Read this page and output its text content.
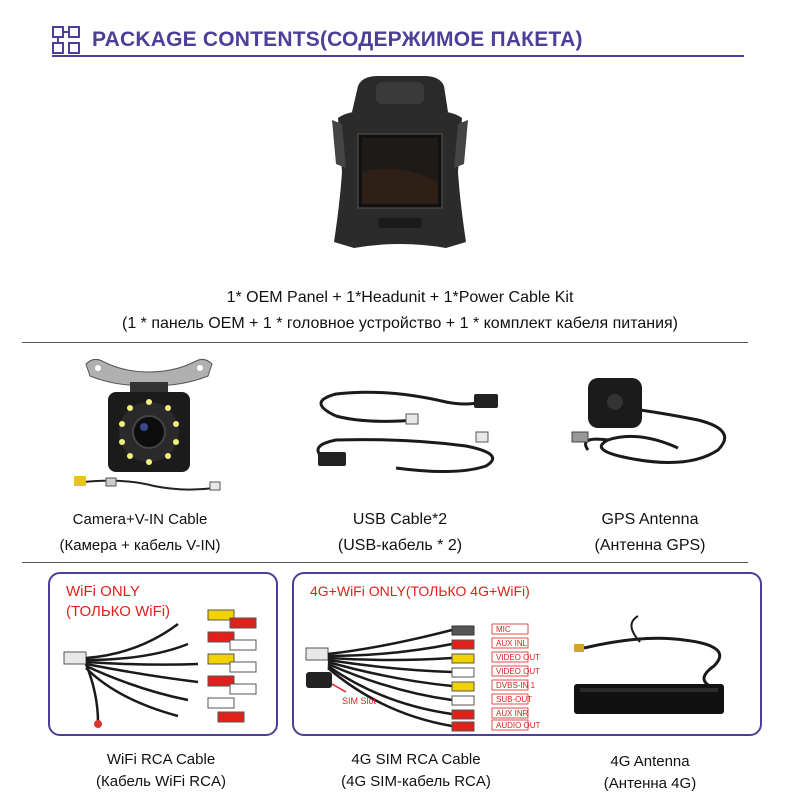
PACKAGE CONTENTS(СОДЕРЖИМОЕ ПАКЕТА)
1* OEM Panel + 1*Headunit + 1*Power Cable Kit
(1 * панель OEM + 1 * головное устройство + 1 * комплект кабеля питания)
Camera+V-IN Cable
(Камера + кабель V-IN)
USB Cable*2
(USB-кабель * 2)
GPS Antenna
(Антенна GPS)
WiFi ONLY
(ТОЛЬКО WiFi)
WiFi RCA Cable
(Кабель WiFi RCA)
4G+WiFi ONLY(ТОЛЬКО 4G+WiFi)
MIC
AUX INL
VIDEO OUT
VIDEO OUT
DVBS-IN 1
SUB-OUT
AUX INR
AUDIO OUT
SIM Slot
4G SIM RCA Cable
(4G SIM-кабель RCA)
4G Antenna
(Антенна 4G)
